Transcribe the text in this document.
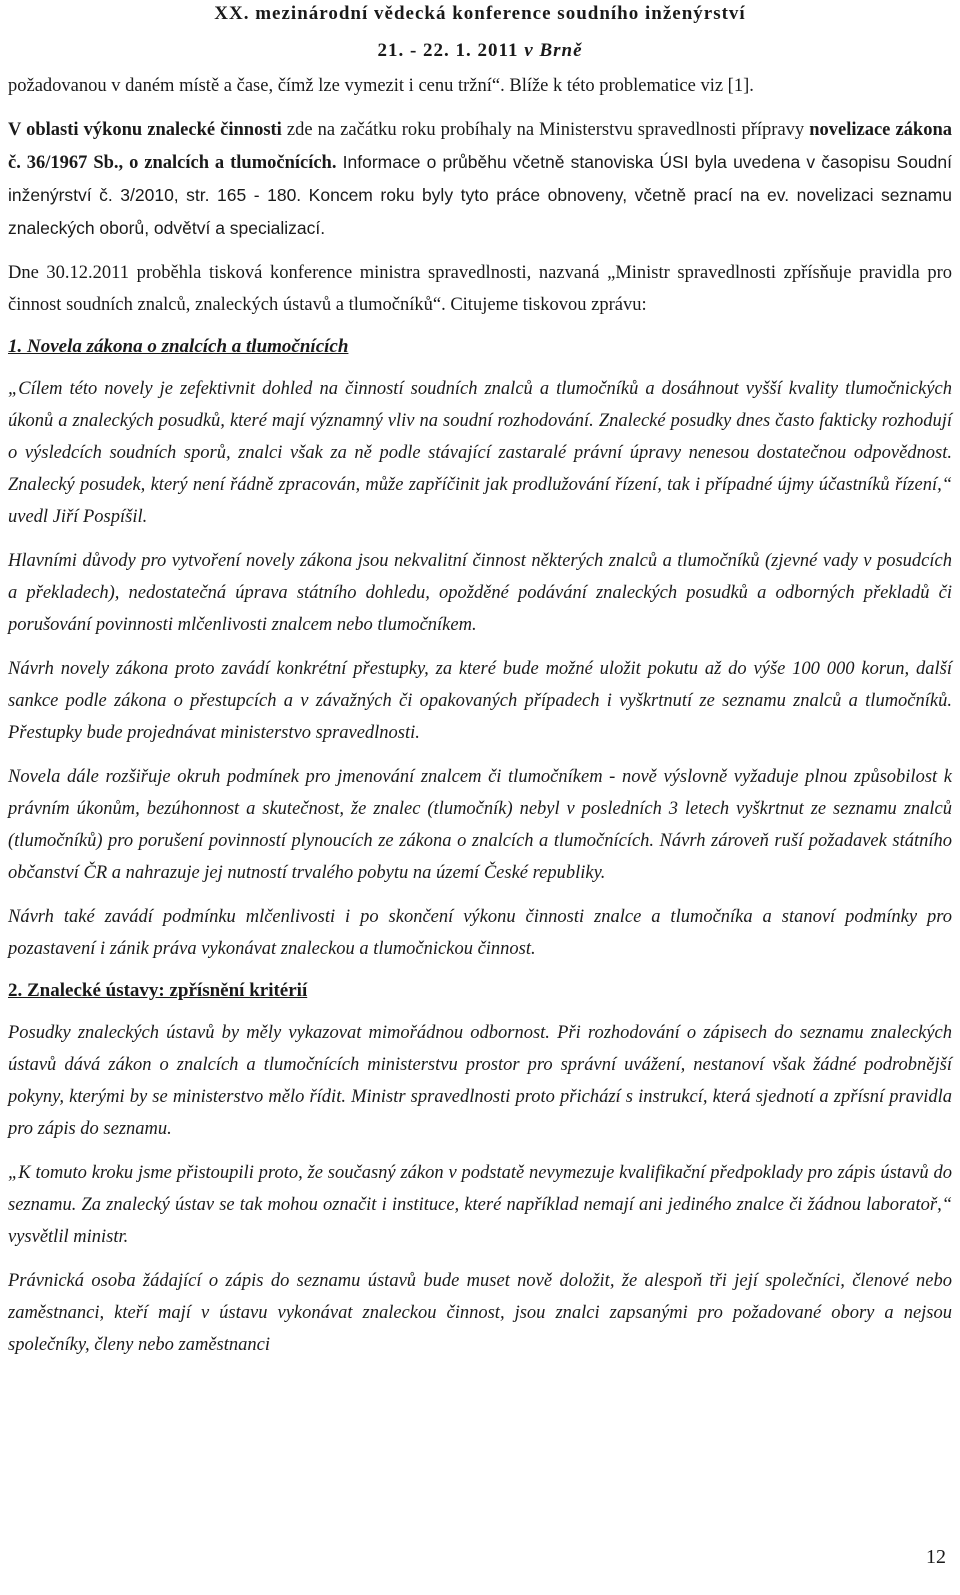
XX. mezinárodní vědecká konference soudního inženýrství
21. - 22. 1. 2011 v Brně

požadovanou v daném místě a čase, čímž lze vymezit i cenu tržní“. Blíže k této problematice viz [1].

V oblasti výkonu znalecké činnosti zde na začátku roku probíhaly na Ministerstvu spravedlnosti přípravy novelizace zákona č. 36/1967 Sb., o znalcích a tlumočnících. Informace o průběhu včetně stanoviska ÚSI byla uvedena v časopisu Soudní inženýrství č. 3/2010, str. 165 - 180. Koncem roku byly tyto práce obnoveny, včetně prací na ev. novelizaci seznamu znaleckých oborů, odvětví a specializací.

Dne 30.12.2011 proběhla tisková konference ministra spravedlnosti, nazvaná „Ministr spravedlnosti zpřísňuje pravidla pro činnost soudních znalců, znaleckých ústavů a tlumočníků“. Citujeme tiskovou zprávu:

1. Novela zákona o znalcích a tlumočnících

„Cílem této novely je zefektivnit dohled na činností soudních znalců a tlumočníků a dosáhnout vyšší kvality tlumočnických úkonů a znaleckých posudků, které mají významný vliv na soudní rozhodování. Znalecké posudky dnes často fakticky rozhodují o výsledcích soudních sporů, znalci však za ně podle stávající zastaralé právní úpravy nenesou dostatečnou odpovědnost. Znalecký posudek, který není řádně zpracován, může zapříčinit jak prodlužování řízení, tak i případné újmy účastníků řízení,“ uvedl Jiří Pospíšil.

Hlavními důvody pro vytvoření novely zákona jsou nekvalitní činnost některých znalců a tlumočníků (zjevné vady v posudcích a překladech), nedostatečná úprava státního dohledu, opožděné podávání znaleckých posudků a odborných překladů či porušování povinnosti mlčenlivosti znalcem nebo tlumočníkem.

Návrh novely zákona proto zavádí konkrétní přestupky, za které bude možné uložit pokutu až do výše 100 000 korun, další sankce podle zákona o přestupcích a v závažných či opakovaných případech i vyškrtnutí ze seznamu znalců a tlumočníků. Přestupky bude projednávat ministerstvo spravedlnosti.

Novela dále rozšiřuje okruh podmínek pro jmenování znalcem či tlumočníkem - nově výslovně vyžaduje plnou způsobilost k právním úkonům, bezúhonnost a skutečnost, že znalec (tlumočník) nebyl v posledních 3 letech vyškrtnut ze seznamu znalců (tlumočníků) pro porušení povinností plynoucích ze zákona o znalcích a tlumočnících. Návrh zároveň ruší požadavek státního občanství ČR a nahrazuje jej nutností trvalého pobytu na území České republiky.

Návrh také zavádí podmínku mlčenlivosti i po skončení výkonu činnosti znalce a tlumočníka a stanoví podmínky pro pozastavení i zánik práva vykonávat znaleckou a tlumočnickou činnost.

2. Znalecké ústavy: zpřísnění kritérií

Posudky znaleckých ústavů by měly vykazovat mimořádnou odbornost. Při rozhodování o zápisech do seznamu znaleckých ústavů dává zákon o znalcích a tlumočnících ministerstvu prostor pro správní uvážení, nestanoví však žádné podrobnější pokyny, kterými by se ministerstvo mělo řídit. Ministr spravedlnosti proto přichází s instrukcí, která sjednotí a zpřísní pravidla pro zápis do seznamu.

„K tomuto kroku jsme přistoupili proto, že současný zákon v podstatě nevymezuje kvalifikační předpoklady pro zápis ústavů do seznamu. Za znalecký ústav se tak mohou označit i instituce, které například nemají ani jediného znalce či žádnou laboratoř,“ vysvětlil ministr.

Právnická osoba žádající o zápis do seznamu ústavů bude muset nově doložit, že alespoň tři její společníci, členové nebo zaměstnanci, kteří mají v ústavu vykonávat znaleckou činnost, jsou znalci zapsanými pro požadované obory a nejsou společníky, členy nebo zaměstnanci

12
